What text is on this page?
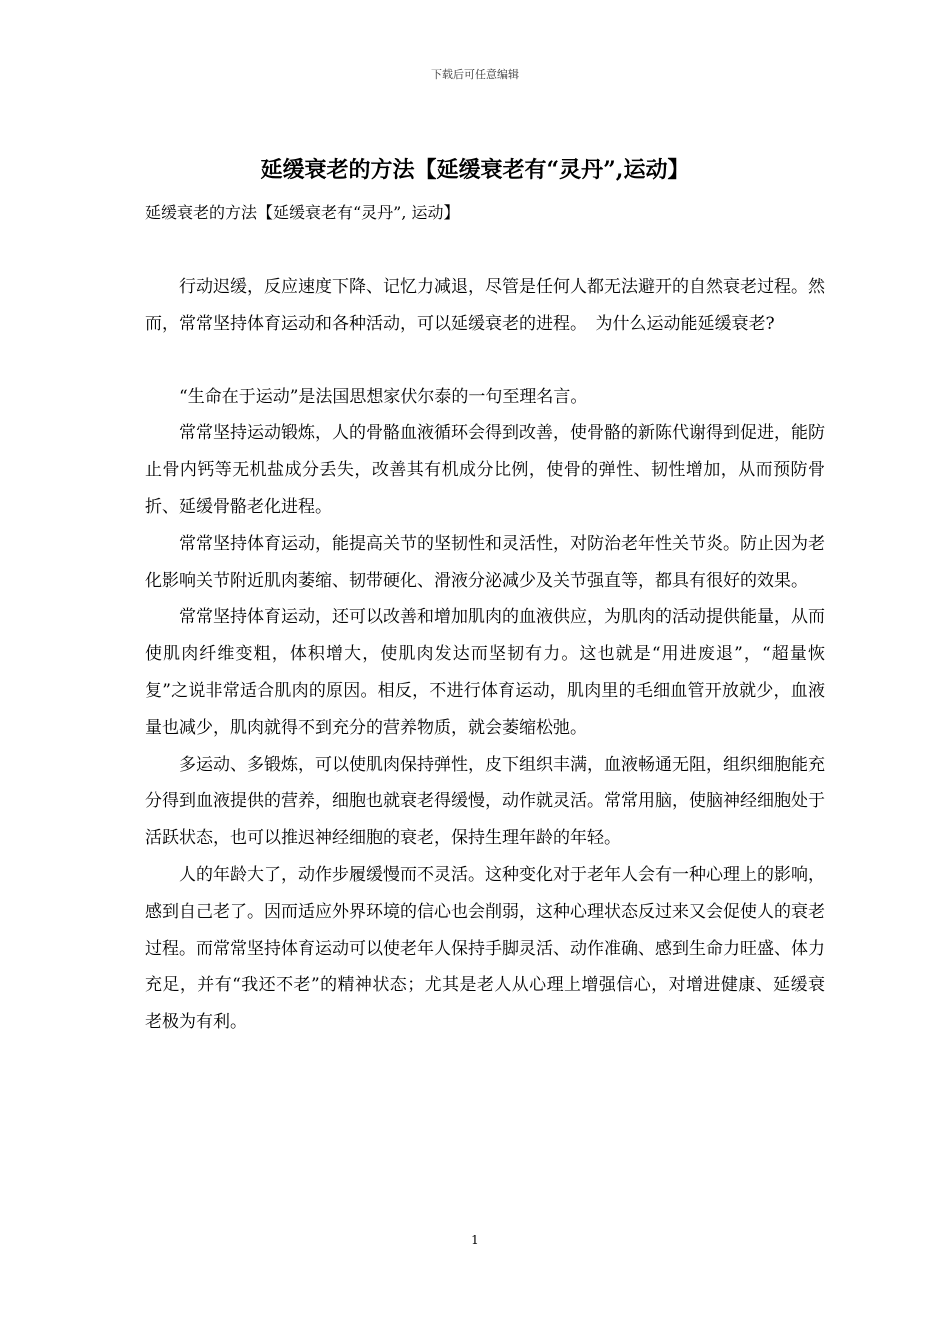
下载后可任意编辑
延缓衰老的方法【延缓衰老有“灵丹”,运动】

延缓衰老的方法【延缓衰老有“灵丹”, 运动】

行动迟缓，反应速度下降、记忆力减退，尽管是任何人都无法避开的自然衰老过程。然而，常常坚持体育运动和各种活动，可以延缓衰老的进程。　为什么运动能延缓衰老?

“生命在于运动”是法国思想家伏尔泰的一句至理名言。

常常坚持运动锻炼，人的骨骼血液循环会得到改善，使骨骼的新陈代谢得到促进，能防止骨内钙等无机盐成分丢失，改善其有机成分比例，使骨的弹性、韧性增加，从而预防骨折、延缓骨骼老化进程。

常常坚持体育运动，能提高关节的坚韧性和灵活性，对防治老年性关节炎。防止因为老化影响关节附近肌肉萎缩、韧带硬化、滑液分泌减少及关节强直等，都具有很好的效果。

常常坚持体育运动，还可以改善和增加肌肉的血液供应，为肌肉的活动提供能量，从而使肌肉纤维变粗，体积增大，使肌肉发达而坚韧有力。这也就是“用进废退”，“超量恢复”之说非常适合肌肉的原因。相反，不进行体育运动，肌肉里的毛细血管开放就少，血液量也减少，肌肉就得不到充分的营养物质，就会萎缩松弛。

多运动、多锻炼，可以使肌肉保持弹性，皮下组织丰满，血液畅通无阻，组织细胞能充分得到血液提供的营养，细胞也就衰老得缓慢，动作就灵活。常常用脑，使脑神经细胞处于活跃状态，也可以推迟神经细胞的衰老，保持生理年龄的年轻。

人的年龄大了，动作步履缓慢而不灵活。这种变化对于老年人会有一种心理上的影响，感到自己老了。因而适应外界环境的信心也会削弱，这种心理状态反过来又会促使人的衰老过程。而常常坚持体育运动可以使老年人保持手脚灵活、动作准确、感到生命力旺盛、体力充足，并有“我还不老”的精神状态；尤其是老人从心理上增强信心，对增进健康、延缓衰老极为有利。

1
